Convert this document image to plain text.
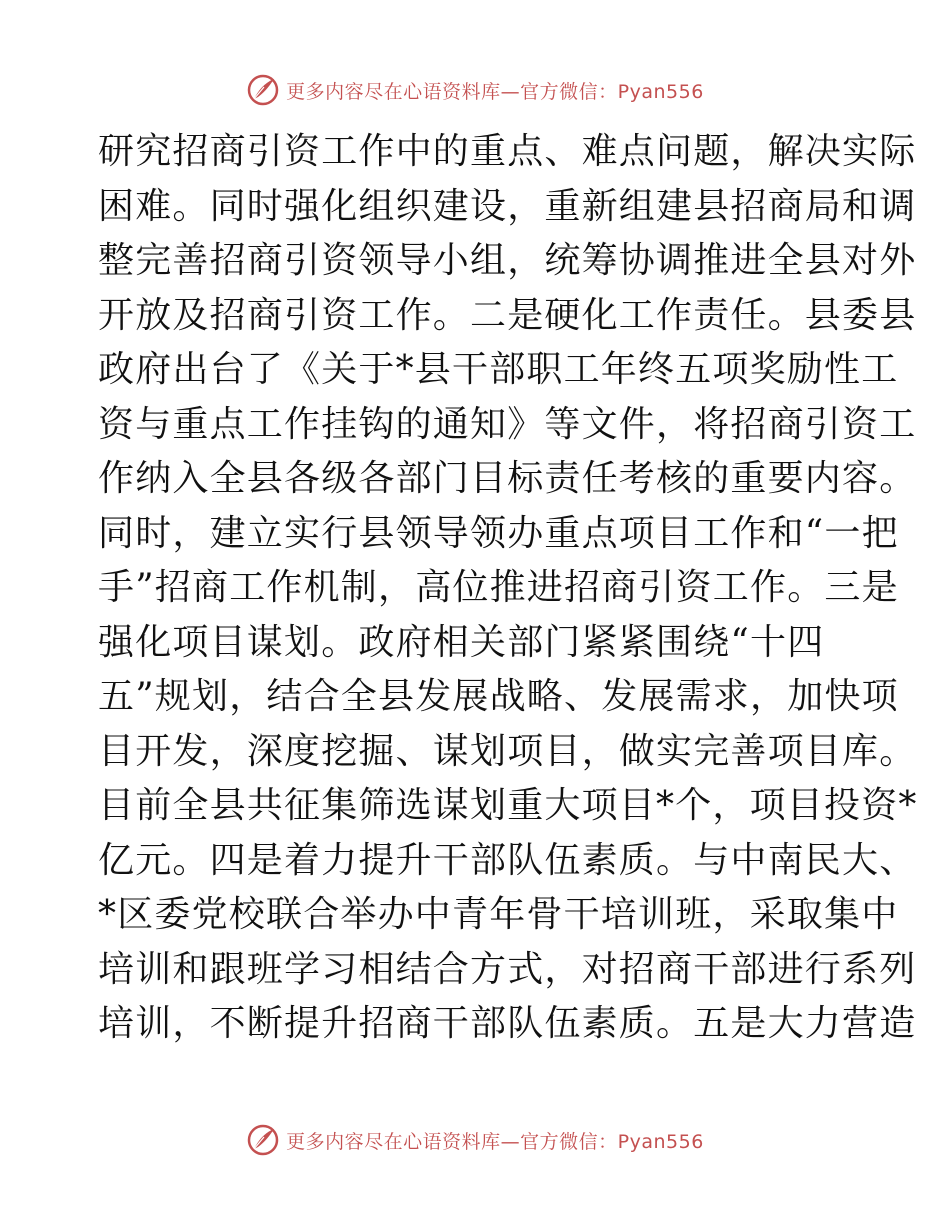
更多内容尽在心语资料库—官方微信：Pyan556
研究招商引资工作中的重点、难点问题，解决实际
困难。同时强化组织建设，重新组建县招商局和调
整完善招商引资领导小组，统筹协调推进全县对外
开放及招商引资工作。二是硬化工作责任。县委县
政府出台了《关于*县干部职工年终五项奖励性工
资与重点工作挂钩的通知》等文件，将招商引资工
作纳入全县各级各部门目标责任考核的重要内容。
同时，建立实行县领导领办重点项目工作和“一把
手”招商工作机制，高位推进招商引资工作。三是
强化项目谋划。政府相关部门紧紧围绕“十四
五”规划，结合全县发展战略、发展需求，加快项
目开发，深度挖掘、谋划项目，做实完善项目库。
目前全县共征集筛选谋划重大项目*个，项目投资*
亿元。四是着力提升干部队伍素质。与中南民大、
*区委党校联合举办中青年骨干培训班，采取集中
培训和跟班学习相结合方式，对招商干部进行系列
培训，不断提升招商干部队伍素质。五是大力营造
更多内容尽在心语资料库—官方微信：Pyan556
